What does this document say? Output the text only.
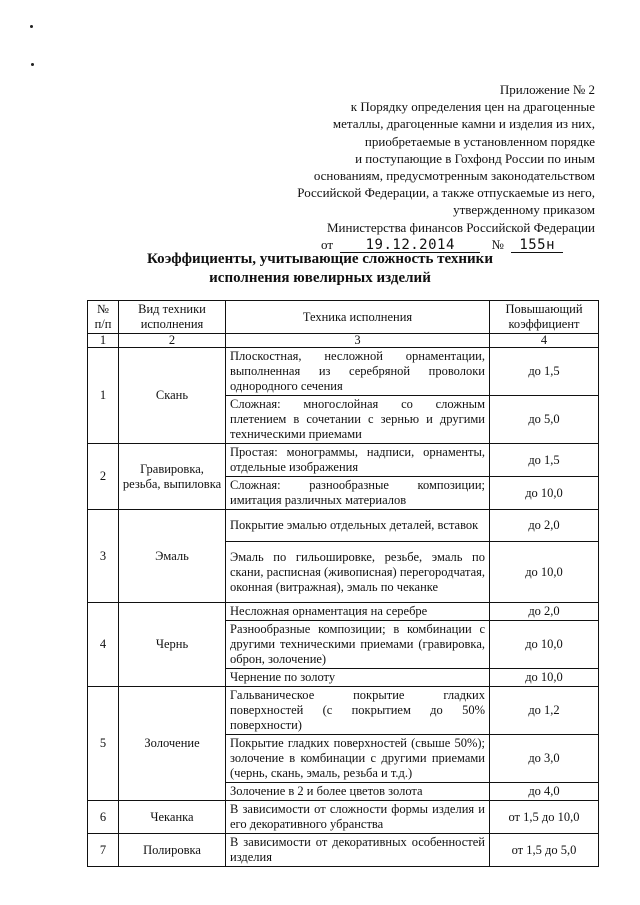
Приложение № 2
к Порядку определения цен на драгоценные
металлы, драгоценные камни и изделия из них,
приобретаемые в установленном порядке
и поступающие в Гохфонд России по иным
основаниям, предусмотренным законодательством
Российской Федерации, а также отпускаемые из него,
утвержденному приказом
Министерства финансов Российской Федерации
от 19.12.2014	№ 155н
Коэффициенты, учитывающие сложность техники
исполнения ювелирных изделий
№ п/п	Вид техники исполнения	Техника исполнения	Повышающий коэффициент
1	2	3	4
1	Скань	Плоскостная, несложной орнаментации, выполненная из серебряной проволоки однородного сечения	до 1,5
		Сложная: многослойная со сложным плетением в сочетании с зернью и другими техническими приемами	до 5,0
2	Гравировка, резьба, выпиловка	Простая: монограммы, надписи, орнаменты, отдельные изображения	до 1,5
		Сложная: разнообразные композиции; имитация различных материалов	до 10,0
3	Эмаль	Покрытие эмалью отдельных деталей, вставок	до 2,0
		Эмаль по гильошировке, резьбе, эмаль по скани, расписная (живописная) перегородчатая, оконная (витражная), эмаль по чеканке	до 10,0
4	Чернь	Несложная орнаментация на серебре	до 2,0
		Разнообразные композиции; в комбинации с другими техническими приемами (гравировка, оброн, золочение)	до 10,0
		Чернение по золоту	до 10,0
5	Золочение	Гальваническое покрытие гладких поверхностей (с покрытием до 50% поверхности)	до 1,2
		Покрытие гладких поверхностей (свыше 50%); золочение в комбинации с другими приемами (чернь, скань, эмаль, резьба и т.д.)	до 3,0
		Золочение в 2 и более цветов золота	до 4,0
6	Чеканка	В зависимости от сложности формы изделия и его декоративного убранства	от 1,5 до 10,0
7	Полировка	В зависимости от декоративных особенностей изделия	от 1,5 до 5,0
